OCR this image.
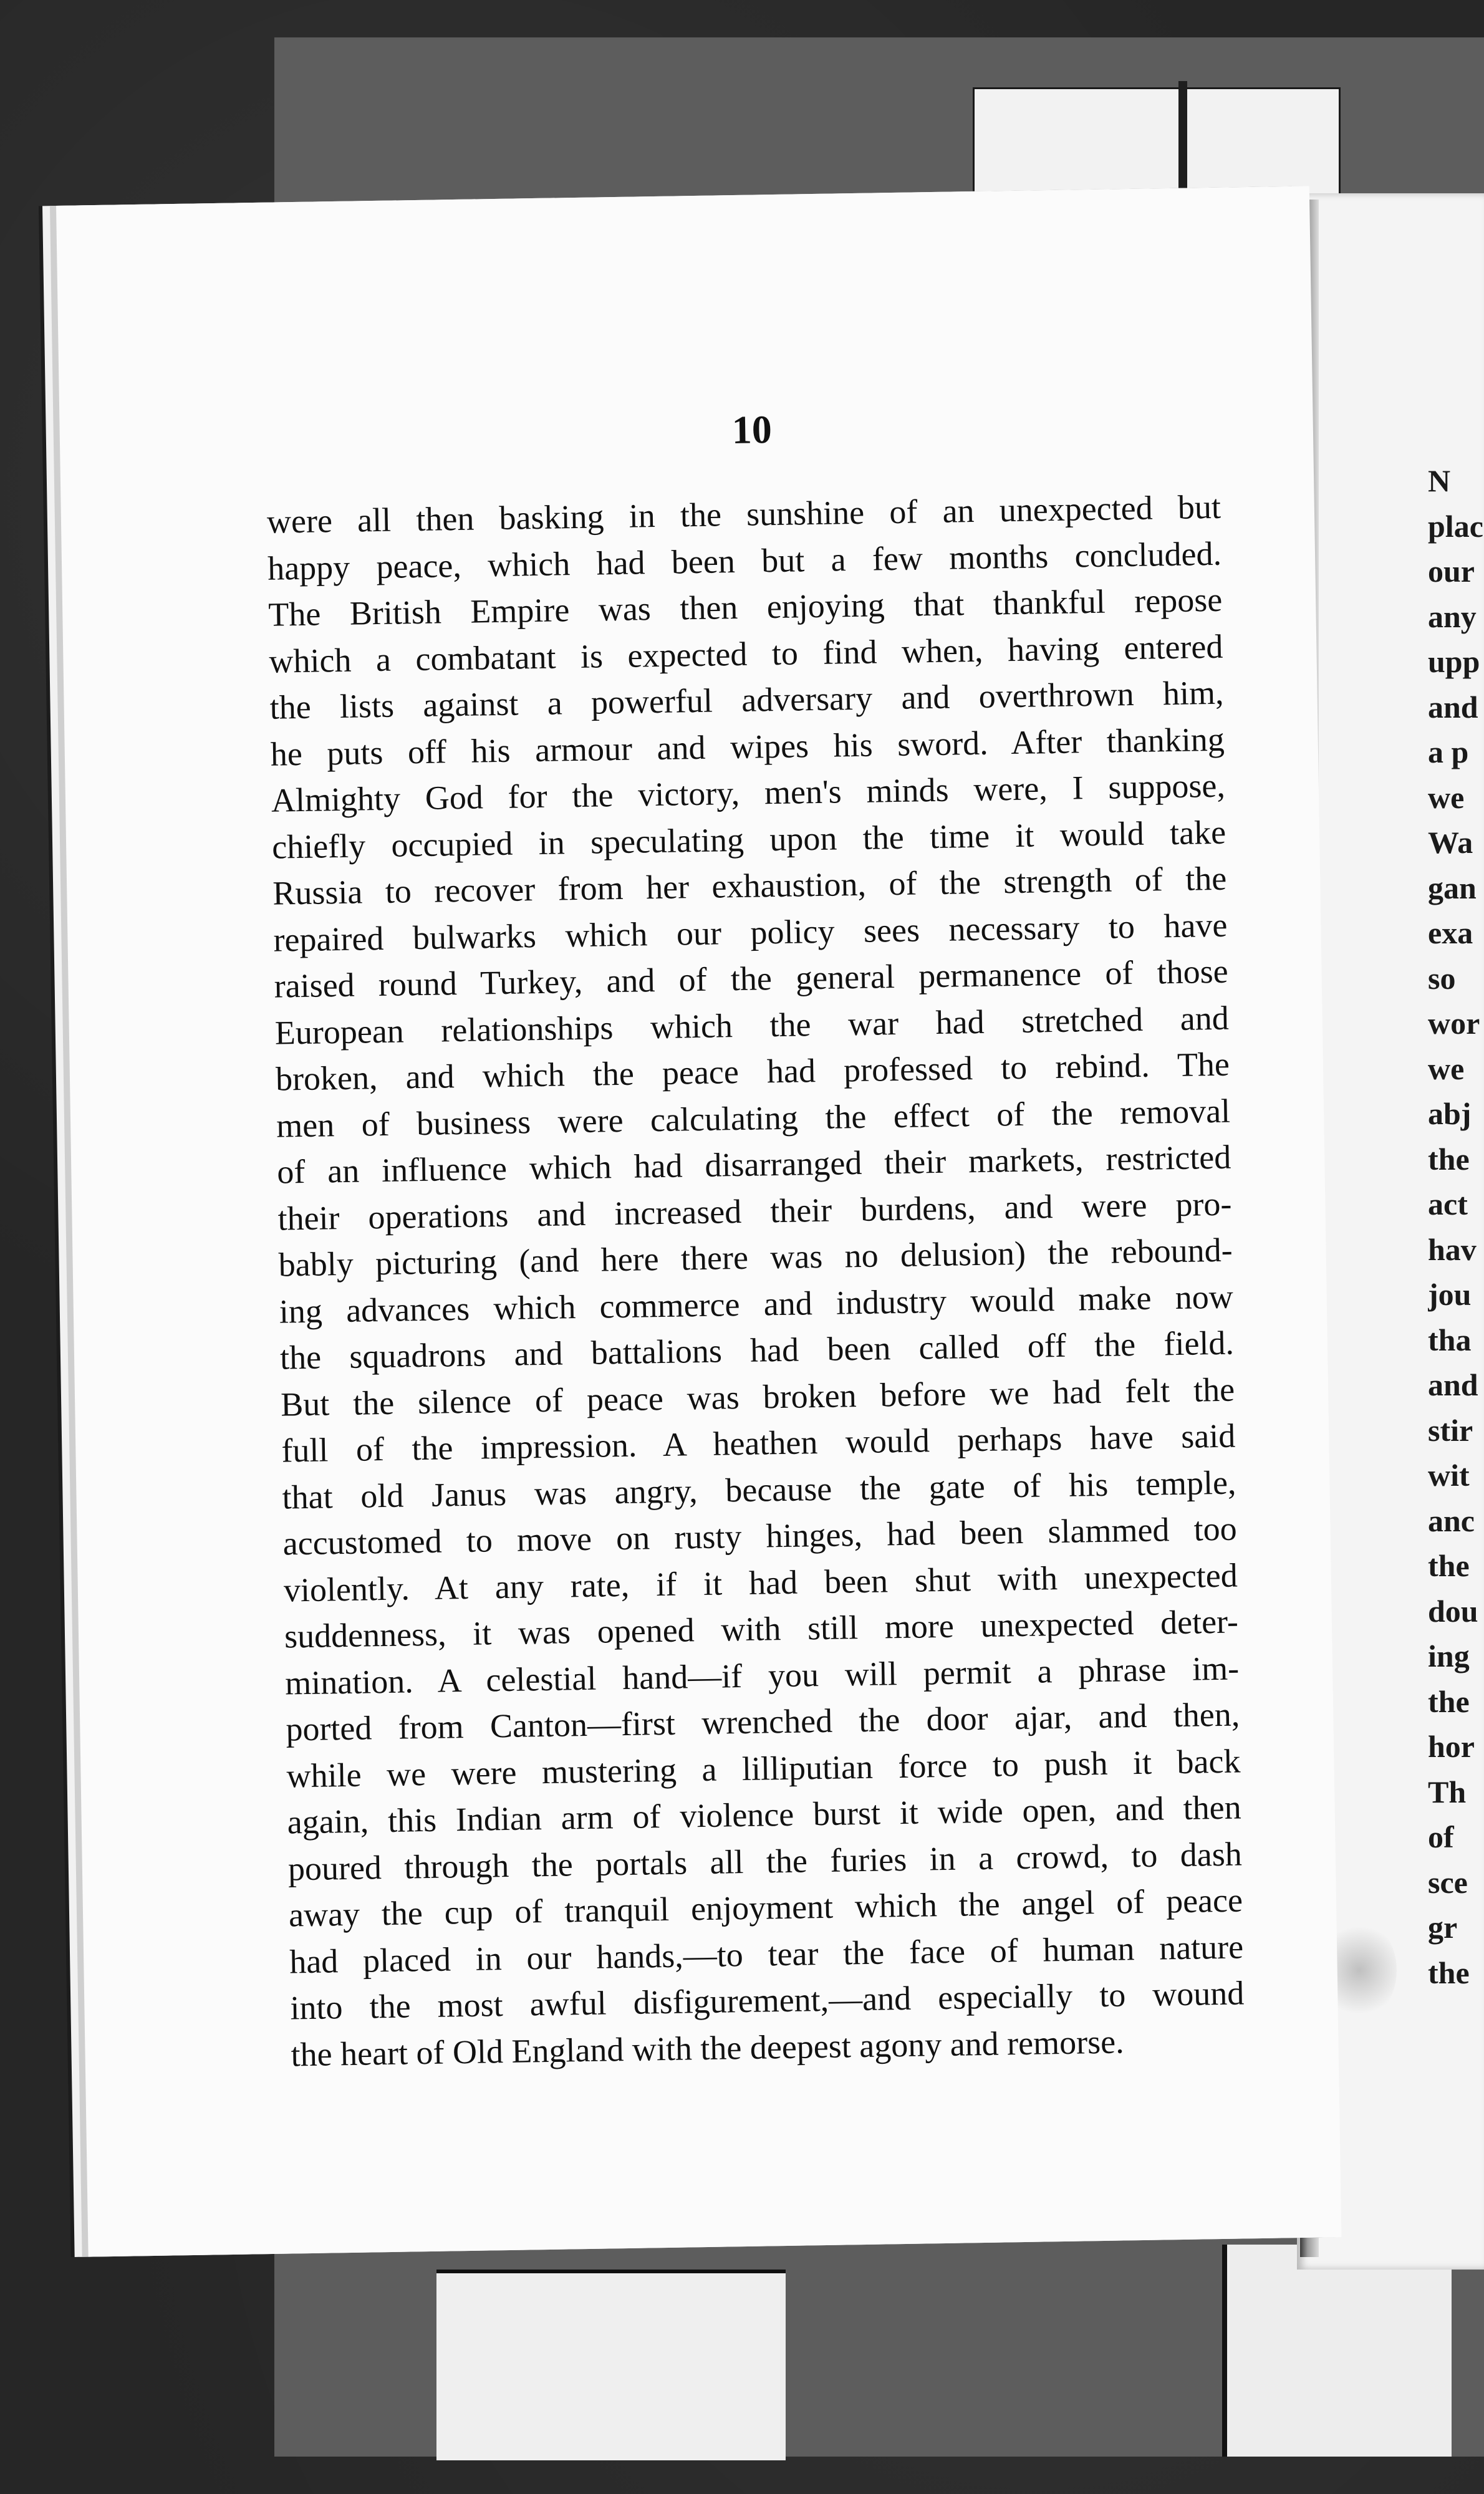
N
plac
our
any
upp
and
a p
we
Wa
gan
exa
so
wor
we
abj
the
act
hav
jou
tha
and
stir
wit
anc
the
dou
ing
the
hor
Th
of
sce
gr
the
10
were all then basking in the sunshine of an unexpected but
happy peace, which had been but a few months concluded.
The British Empire was then enjoying that thankful repose
which a combatant is expected to find when, having entered
the lists against a powerful adversary and overthrown him,
he puts off his armour and wipes his sword. After thanking
Almighty God for the victory, men's minds were, I suppose,
chiefly occupied in speculating upon the time it would take
Russia to recover from her exhaustion, of the strength of the
repaired bulwarks which our policy sees necessary to have
raised round Turkey, and of the general permanence of those
European relationships which the war had stretched and
broken, and which the peace had professed to rebind. The
men of business were calculating the effect of the removal
of an influence which had disarranged their markets, restricted
their operations and increased their burdens, and were pro-
bably picturing (and here there was no delusion) the rebound-
ing advances which commerce and industry would make now
the squadrons and battalions had been called off the field.
But the silence of peace was broken before we had felt the
full of the impression. A heathen would perhaps have said
that old Janus was angry, because the gate of his temple,
accustomed to move on rusty hinges, had been slammed too
violently. At any rate, if it had been shut with unexpected
suddenness, it was opened with still more unexpected deter-
mination. A celestial hand—if you will permit a phrase im-
ported from Canton—first wrenched the door ajar, and then,
while we were mustering a lilliputian force to push it back
again, this Indian arm of violence burst it wide open, and then
poured through the portals all the furies in a crowd, to dash
away the cup of tranquil enjoyment which the angel of peace
had placed in our hands,—to tear the face of human nature
into the most awful disfigurement,—and especially to wound
the heart of Old England with the deepest agony and remorse.
